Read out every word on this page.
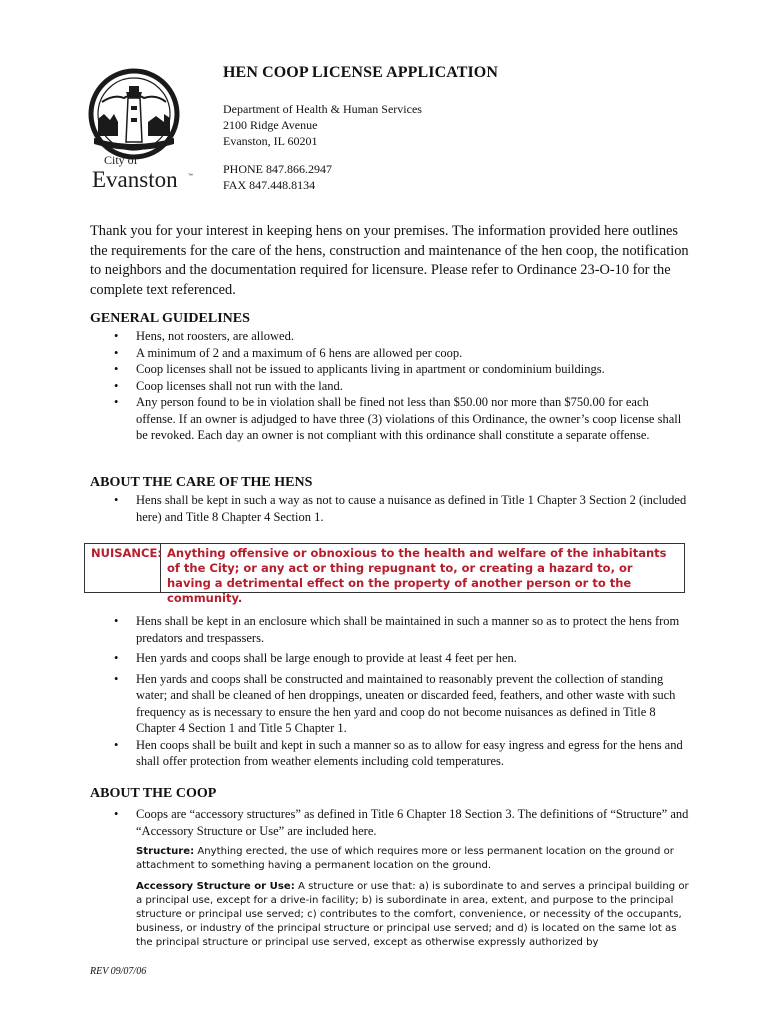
City of
Evanston ™
HEN COOP LICENSE APPLICATION
Department of Health & Human Services
2100 Ridge Avenue
Evanston, IL 60201
PHONE 847.866.2947
FAX 847.448.8134

Thank you for your interest in keeping hens on your premises. The information provided here outlines the requirements for the care of the hens, construction and maintenance of the hen coop, the notification to neighbors and the documentation required for licensure. Please refer to Ordinance 23-O-10 for the complete text referenced.

GENERAL GUIDELINES
• Hens, not roosters, are allowed.
• A minimum of 2 and a maximum of 6 hens are allowed per coop.
• Coop licenses shall not be issued to applicants living in apartment or condominium buildings.
• Coop licenses shall not run with the land.
• Any person found to be in violation shall be fined not less than $50.00 nor more than $750.00 for each offense. If an owner is adjudged to have three (3) violations of this Ordinance, the owner’s coop license shall be revoked. Each day an owner is not compliant with this ordinance shall constitute a separate offense.
ABOUT THE CARE OF THE HENS
• Hens shall be kept in such a way as not to cause a nuisance as defined in Title 1 Chapter 3 Section 2 (included here) and Title 8 Chapter 4 Section 1.
NUISANCE: Anything offensive or obnoxious to the health and welfare of the inhabitants of the City; or any act or thing repugnant to, or creating a hazard to, or having a detrimental effect on the property of another person or to the community.
• Hens shall be kept in an enclosure which shall be maintained in such a manner so as to protect the hens from predators and trespassers.
• Hen yards and coops shall be large enough to provide at least 4 feet per hen.
• Hen yards and coops shall be constructed and maintained to reasonably prevent the collection of standing water; and shall be cleaned of hen droppings, uneaten or discarded feed, feathers, and other waste with such frequency as is necessary to ensure the hen yard and coop do not become nuisances as defined in Title 8 Chapter 4 Section 1 and Title 5 Chapter 1.
• Hen coops shall be built and kept in such a manner so as to allow for easy ingress and egress for the hens and shall offer protection from weather elements including cold temperatures.
ABOUT THE COOP
• Coops are “accessory structures” as defined in Title 6 Chapter 18 Section 3. The definitions of “Structure” and “Accessory Structure or Use” are included here.

Structure: Anything erected, the use of which requires more or less permanent location on the ground or attachment to something having a permanent location on the ground.

Accessory Structure or Use: A structure or use that: a) is subordinate to and serves a principal building or a principal use, except for a drive-in facility; b) is subordinate in area, extent, and purpose to the principal structure or principal use served; c) contributes to the comfort, convenience, or necessity of the occupants, business, or industry of the principal structure or principal use served; and d) is located on the same lot as the principal structure or principal use served, except as otherwise expressly authorized by

REV 09/07/06
